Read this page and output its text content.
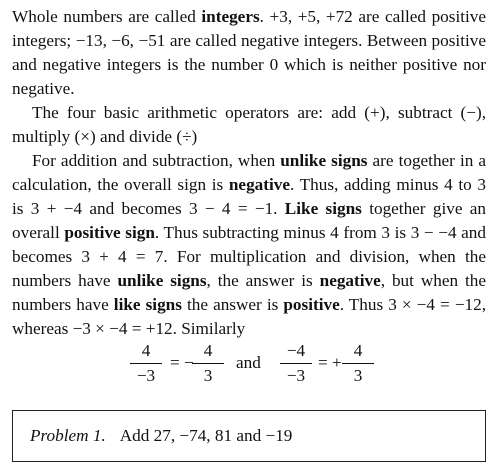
Whole numbers are called integers. +3, +5, +72 are called positive integers; −13, −6, −51 are called negative integers. Between positive and negative integers is the number 0 which is neither positive nor negative.

The four basic arithmetic operators are: add (+), subtract (−), multiply (×) and divide (÷)

For addition and subtraction, when unlike signs are together in a calculation, the overall sign is negative. Thus, adding minus 4 to 3 is 3 + −4 and becomes 3 − 4 = −1. Like signs together give an overall positive sign. Thus subtracting minus 4 from 3 is 3 − −4 and becomes 3 + 4 = 7. For multiplication and division, when the numbers have unlike signs, the answer is negative, but when the numbers have like signs the answer is positive. Thus 3 × −4 = −12, whereas −3 × −4 = +12. Similarly

4
−3
= −
4
3
and
−4
−3
= +
4
3
Problem 1. Add 27, −74, 81 and −19
